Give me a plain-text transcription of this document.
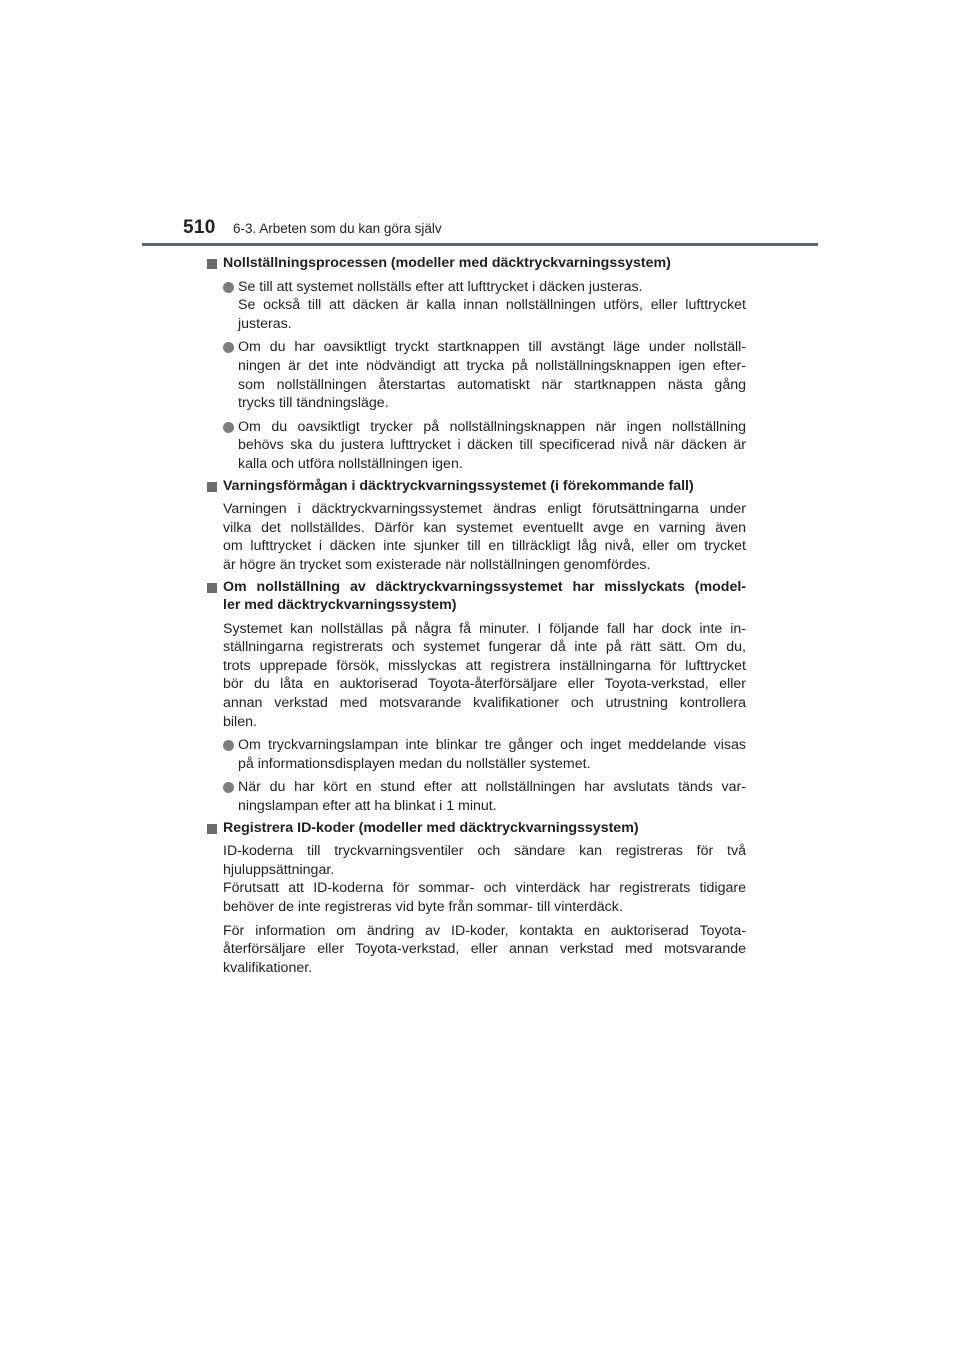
510 6-3. Arbeten som du kan göra själv
Nollställningsprocessen (modeller med däcktryckvarningssystem)
Se till att systemet nollställs efter att lufttrycket i däcken justeras.
Se också till att däcken är kalla innan nollställningen utförs, eller lufttrycket
justeras.
Om du har oavsiktligt tryckt startknappen till avstängt läge under nollställ-
ningen är det inte nödvändigt att trycka på nollställningsknappen igen efter-
som nollställningen återstartas automatiskt när startknappen nästa gång
trycks till tändningsläge.
Om du oavsiktligt trycker på nollställningsknappen när ingen nollställning
behövs ska du justera lufttrycket i däcken till specificerad nivå när däcken är
kalla och utföra nollställningen igen.
Varningsförmågan i däcktryckvarningssystemet (i förekommande fall)
Varningen i däcktryckvarningssystemet ändras enligt förutsättningarna under
vilka det nollställdes. Därför kan systemet eventuellt avge en varning även
om lufttrycket i däcken inte sjunker till en tillräckligt låg nivå, eller om trycket
är högre än trycket som existerade när nollställningen genomfördes.
Om nollställning av däcktryckvarningssystemet har misslyckats (model-
ler med däcktryckvarningssystem)
Systemet kan nollställas på några få minuter. I följande fall har dock inte in-
ställningarna registrerats och systemet fungerar då inte på rätt sätt. Om du,
trots upprepade försök, misslyckas att registrera inställningarna för lufttrycket
bör du låta en auktoriserad Toyota-återförsäljare eller Toyota-verkstad, eller
annan verkstad med motsvarande kvalifikationer och utrustning kontrollera
bilen.
Om tryckvarningslampan inte blinkar tre gånger och inget meddelande visas
på informationsdisplayen medan du nollställer systemet.
När du har kört en stund efter att nollställningen har avslutats tänds var-
ningslampan efter att ha blinkat i 1 minut.
Registrera ID-koder (modeller med däcktryckvarningssystem)
ID-koderna till tryckvarningsventiler och sändare kan registreras för två
hjuluppsättningar.
Förutsatt att ID-koderna för sommar- och vinterdäck har registrerats tidigare
behöver de inte registreras vid byte från sommar- till vinterdäck.
För information om ändring av ID-koder, kontakta en auktoriserad Toyota-
återförsäljare eller Toyota-verkstad, eller annan verkstad med motsvarande
kvalifikationer.
